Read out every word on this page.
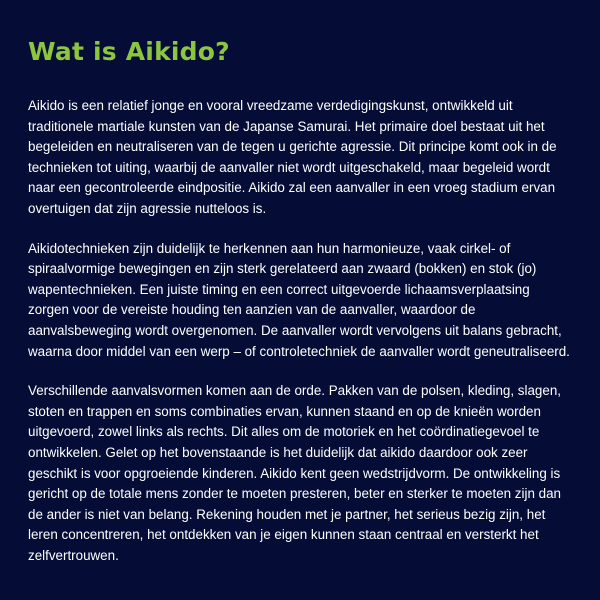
Wat is Aikido?

Aikido is een relatief jonge en vooral vreedzame verdedigingskunst, ontwikkeld uit traditionele martiale kunsten van de Japanse Samurai. Het primaire doel bestaat uit het begeleiden en neutraliseren van de tegen u gerichte agressie. Dit principe komt ook in de technieken tot uiting, waarbij de aanvaller niet wordt uitgeschakeld, maar begeleid wordt naar een gecontroleerde eindpositie. Aikido zal een aanvaller in een vroeg stadium ervan overtuigen dat zijn agressie nutteloos is.

Aikidotechnieken zijn duidelijk te herkennen aan hun harmonieuze, vaak cirkel- of spiraalvormige bewegingen en zijn sterk gerelateerd aan zwaard (bokken) en stok (jo) wapentechnieken. Een juiste timing en een correct uitgevoerde lichaamsverplaatsing zorgen voor de vereiste houding ten aanzien van de aanvaller, waardoor de aanvalsbeweging wordt overgenomen. De aanvaller wordt vervolgens uit balans gebracht, waarna door middel van een werp – of controletechniek de aanvaller wordt geneutraliseerd.

Verschillende aanvalsvormen komen aan de orde. Pakken van de polsen, kleding, slagen, stoten en trappen en soms combinaties ervan, kunnen staand en op de knieën worden uitgevoerd, zowel links als rechts. Dit alles om de motoriek en het coördinatiegevoel te ontwikkelen. Gelet op het bovenstaande is het duidelijk dat aikido daardoor ook zeer geschikt is voor opgroeiende kinderen. Aikido kent geen wedstrijdvorm. De ontwikkeling is gericht op de totale mens zonder te moeten presteren, beter en sterker te moeten zijn dan de ander is niet van belang. Rekening houden met je partner, het serieus bezig zijn, het leren concentreren, het ontdekken van je eigen kunnen staan centraal en versterkt het zelfvertrouwen.
